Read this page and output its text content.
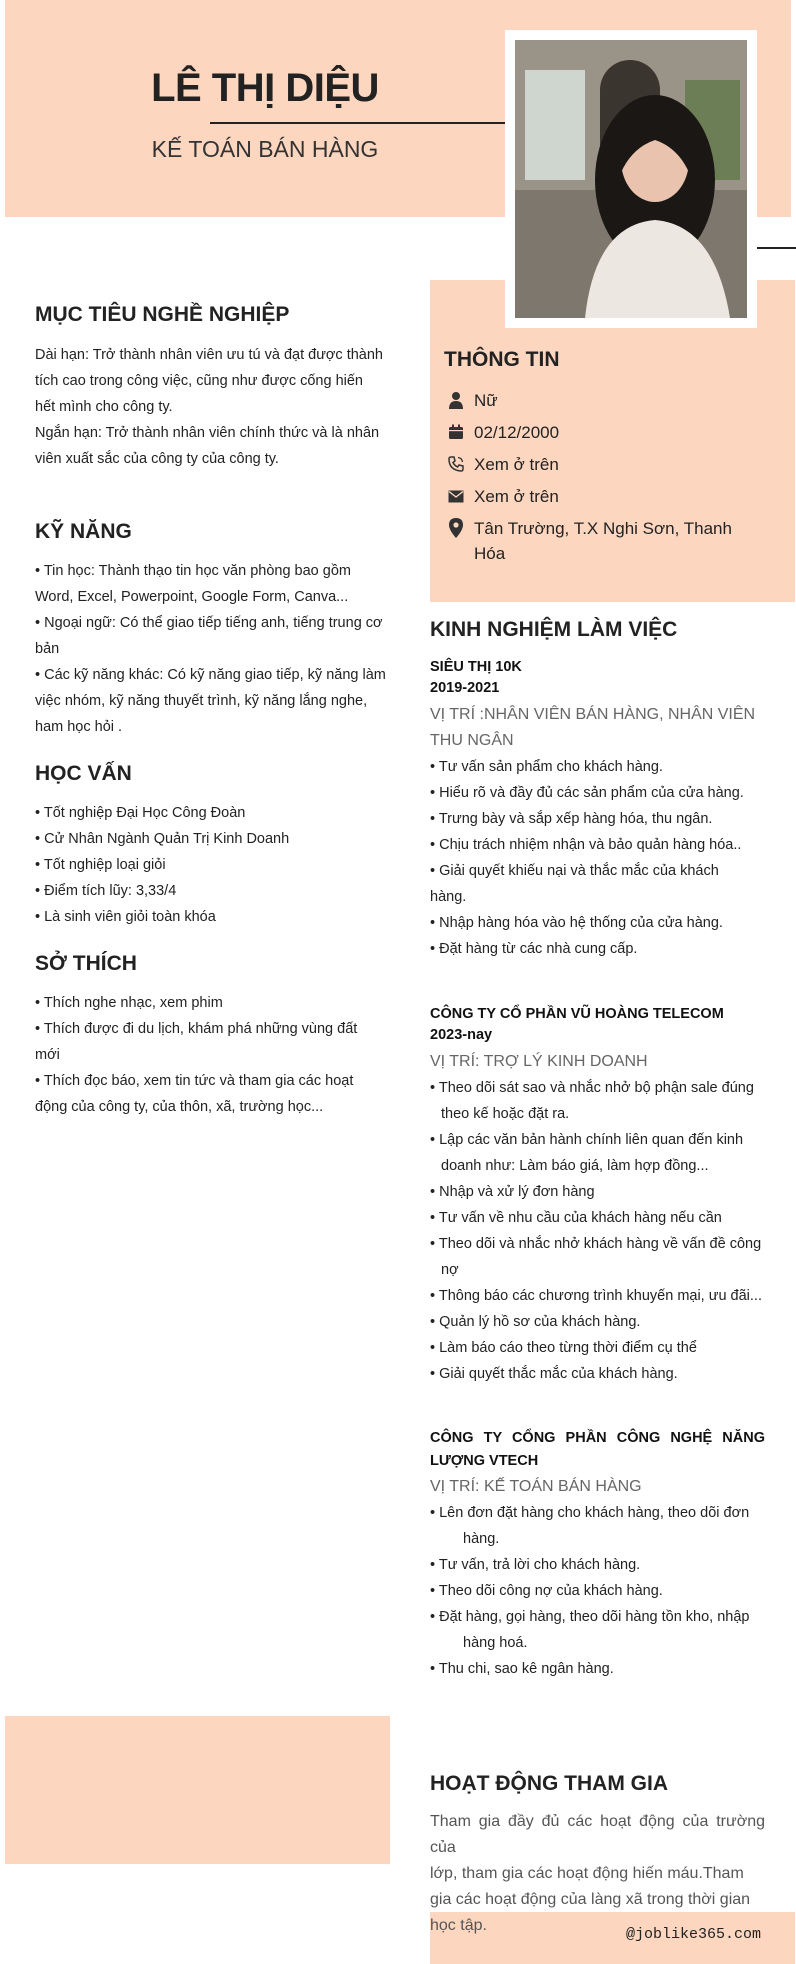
LÊ THỊ DIỆU
KẾ TOÁN BÁN HÀNG
MỤC TIÊU NGHỀ NGHIỆP
Dài hạn: Trở thành nhân viên ưu tú và đạt được thành
tích cao trong công việc, cũng như được cống hiến
hết mình cho công ty.
Ngắn hạn: Trở thành nhân viên chính thức và là nhân
viên xuất sắc của công ty của công ty.
KỸ NĂNG
• Tin học: Thành thạo tin học văn phòng bao gồm
Word, Excel, Powerpoint, Google Form, Canva...
• Ngoại ngữ: Có thể giao tiếp tiếng anh, tiếng trung cơ
bản
• Các kỹ năng khác: Có kỹ năng giao tiếp, kỹ năng làm
việc nhóm, kỹ năng thuyết trình, kỹ năng lắng nghe,
ham học hỏi .
HỌC VẤN
• Tốt nghiệp Đại Học Công Đoàn
• Cử Nhân Ngành Quản Trị Kinh Doanh
• Tốt nghiệp loại giỏi
• Điểm tích lũy: 3,33/4
• Là sinh viên giỏi toàn khóa
SỞ THÍCH
• Thích nghe nhạc, xem phim
• Thích được đi du lịch, khám phá những vùng đất
mới
• Thích đọc báo, xem tin tức và tham gia các hoạt
động của công ty, của thôn, xã, trường học...
THÔNG TIN
Nữ
02/12/2000
Xem ở trên
Xem ở trên
Tân Trường, T.X Nghi Sơn, Thanh
Hóa
KINH NGHIỆM LÀM VIỆC
SIÊU THỊ 10K
2019-2021
VỊ TRÍ :NHÂN VIÊN BÁN HÀNG, NHÂN VIÊN
THU NGÂN
• Tư vấn sản phẩm cho khách hàng.
• Hiểu rõ và đầy đủ các sản phẩm của cửa hàng.
• Trưng bày và sắp xếp hàng hóa, thu ngân.
• Chịu trách nhiệm nhận và bảo quản hàng hóa..
• Giải quyết khiếu nại và thắc mắc của khách
hàng.
• Nhập hàng hóa vào hệ thống của cửa hàng.
• Đặt hàng từ các nhà cung cấp.
CÔNG TY CỔ PHẦN VŨ HOÀNG TELECOM
2023-nay
VỊ TRÍ: TRỢ LÝ KINH DOANH
• Theo dõi sát sao và nhắc nhở bộ phận sale đúng theo kế hoặc đặt ra.
• Lập các văn bản hành chính liên quan đến kinh doanh như: Làm báo giá, làm hợp đồng...
• Nhập và xử lý đơn hàng
• Tư vấn về nhu cầu của khách hàng nếu cần
• Theo dõi và nhắc nhở khách hàng về vấn đề công nợ
• Thông báo các chương trình khuyến mại, ưu đãi...
• Quản lý hồ sơ của khách hàng.
• Làm báo cáo theo từng thời điểm cụ thể
• Giải quyết thắc mắc của khách hàng.
CÔNG TY CỔNG PHẦN CÔNG NGHỆ NĂNG LƯỢNG VTECH
VỊ TRÍ: KẾ TOÁN BÁN HÀNG
• Lên đơn đặt hàng cho khách hàng, theo dõi đơn hàng.
• Tư vấn, trả lời cho khách hàng.
• Theo dõi công nợ của khách hàng.
• Đặt hàng, gọi hàng, theo dõi hàng tồn kho, nhập hàng hoá.
• Thu chi, sao kê ngân hàng.
HOẠT ĐỘNG THAM GIA
Tham gia đầy đủ các hoạt động của trường của
lớp, tham gia các hoạt động hiến máu.Tham
gia các hoạt động của làng xã trong thời gian
học tập.
@joblike365.com
